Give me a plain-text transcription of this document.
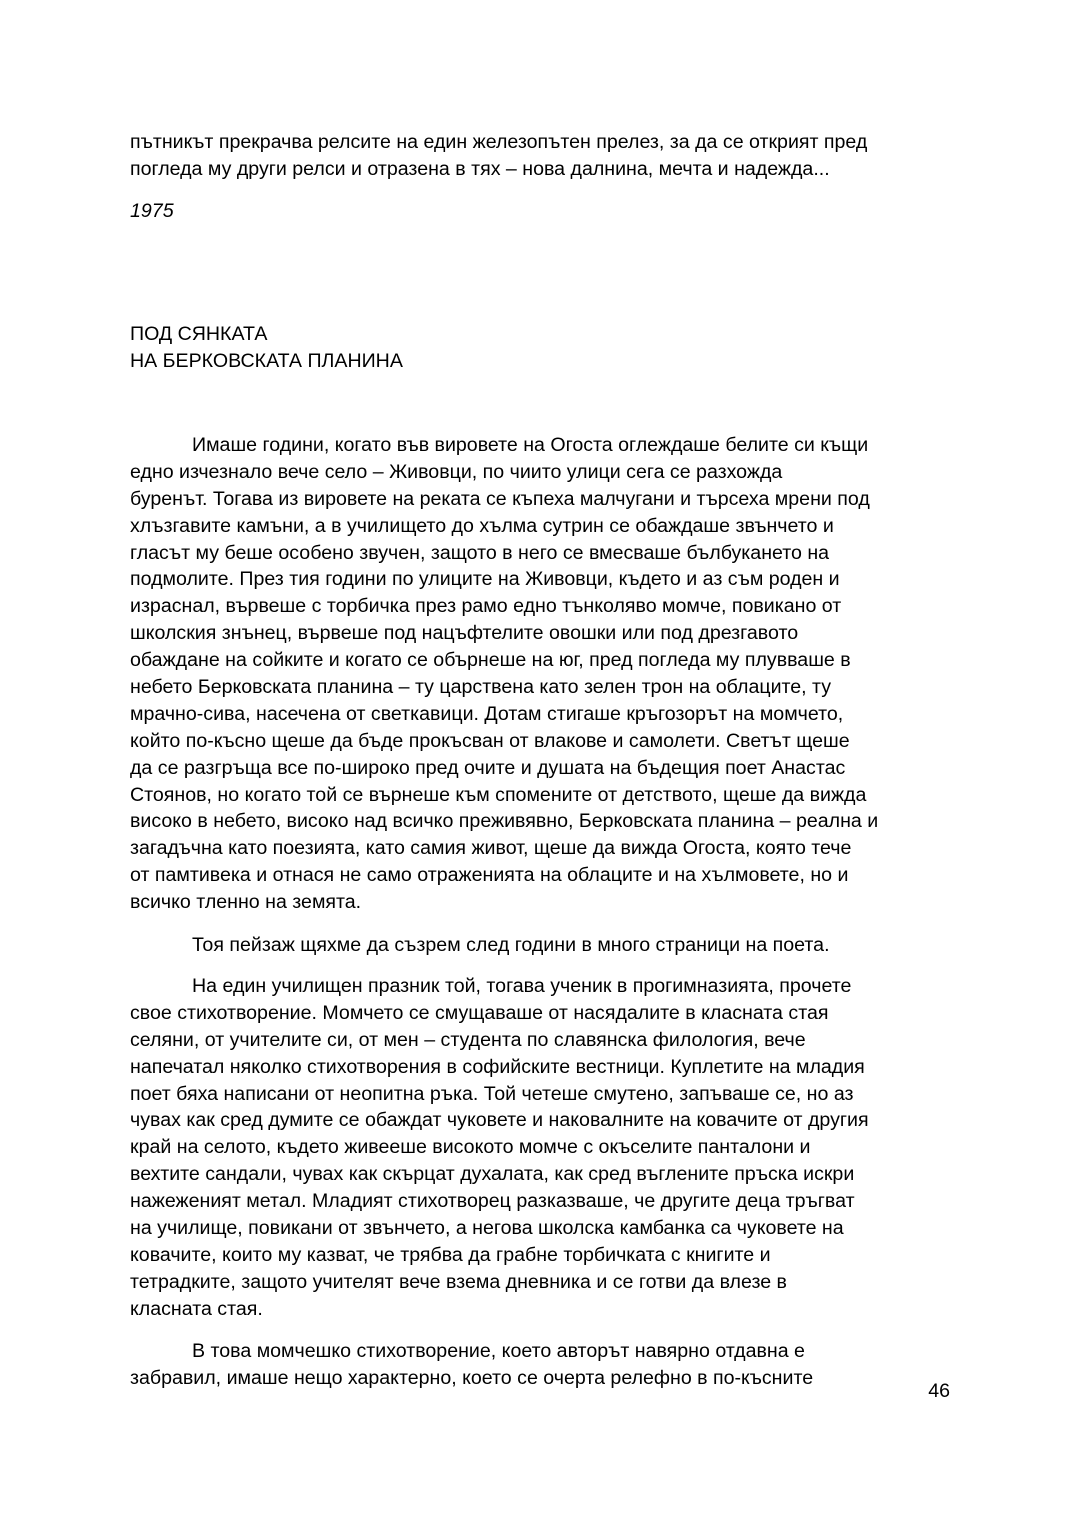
пътникът прекрачва релсите на един железопътен прелез, за да се открият пред
погледа му други релси и отразена в тях – нова далнина, мечта и надежда...
1975
ПОД СЯНКАТА
НА БЕРКОВСКАТА ПЛАНИНА
Имаше години, когато във вировете на Огоста оглеждаше белите си къщи
едно изчезнало вече село – Живовци, по чиито улици сега се разхожда
буренът. Тогава из вировете на реката се къпеха малчугани и търсеха мрени под
хлъзгавите камъни, а в училището до хълма сутрин се обаждаше звънчето и
гласът му беше особено звучен, защото в него се вмесваше бълбукането на
подмолите. През тия години по улиците на Живовци, където и аз съм роден и
израснал, вървеше с торбичка през рамо едно тънколяво момче, повикано от
школския знънец, вървеше под нацъфтелите овошки или под дрезгавото
обаждане на сойките и когато се обърнеше на юг, пред погледа му плувваше в
небето Берковската планина – ту царствена като зелен трон на облаците, ту
мрачно-сива, насечена от светкавици. Дотам стигаше кръгозорът на момчето,
който по-късно щеше да бъде прокъсван от влакове и самолети. Светът щеше
да се разгръща все по-широко пред очите и душата на бъдещия поет Анастас
Стоянов, но когато той се върнеше към спомените от детството, щеше да вижда
високо в небето, високо над всичко преживявно, Берковската планина – реална и
загадъчна като поезията, като самия живот, щеше да вижда Огоста, която тече
от памтивека и отнася не само отраженията на облаците и на хълмовете, но и
всичко тленно на земята.
Тоя пейзаж щяхме да съзрем след години в много страници на поета.
На един училищен празник той, тогава ученик в прогимназията, прочете
свое стихотворение. Момчето се смущаваше от насядалите в класната стая
селяни, от учителите си, от мен – студента по славянска филология, вече
напечатал няколко стихотворения в софийските вестници. Куплетите на младия
поет бяха написани от неопитна ръка. Той четеше смутено, запъваше се, но аз
чувах как сред думите се обаждат чуковете и наковалните на ковачите от другия
край на селото, където живееше високото момче с окъселите панталони и
вехтите сандали, чувах как скърцат духалата, как сред въглените пръска искри
нажеженият метал. Младият стихотворец разказваше, че другите деца тръгват
на училище, повикани от звънчето, а негова школска камбанка са чуковете на
ковачите, които му казват, че трябва да грабне торбичката с книгите и
тетрадките, защото учителят вече взема дневника и се готви да влезе в
класната стая.
В това момчешко стихотворение, което авторът навярно отдавна е
забравил, имаше нещо характерно, което се очерта релефно в по-късните
46
